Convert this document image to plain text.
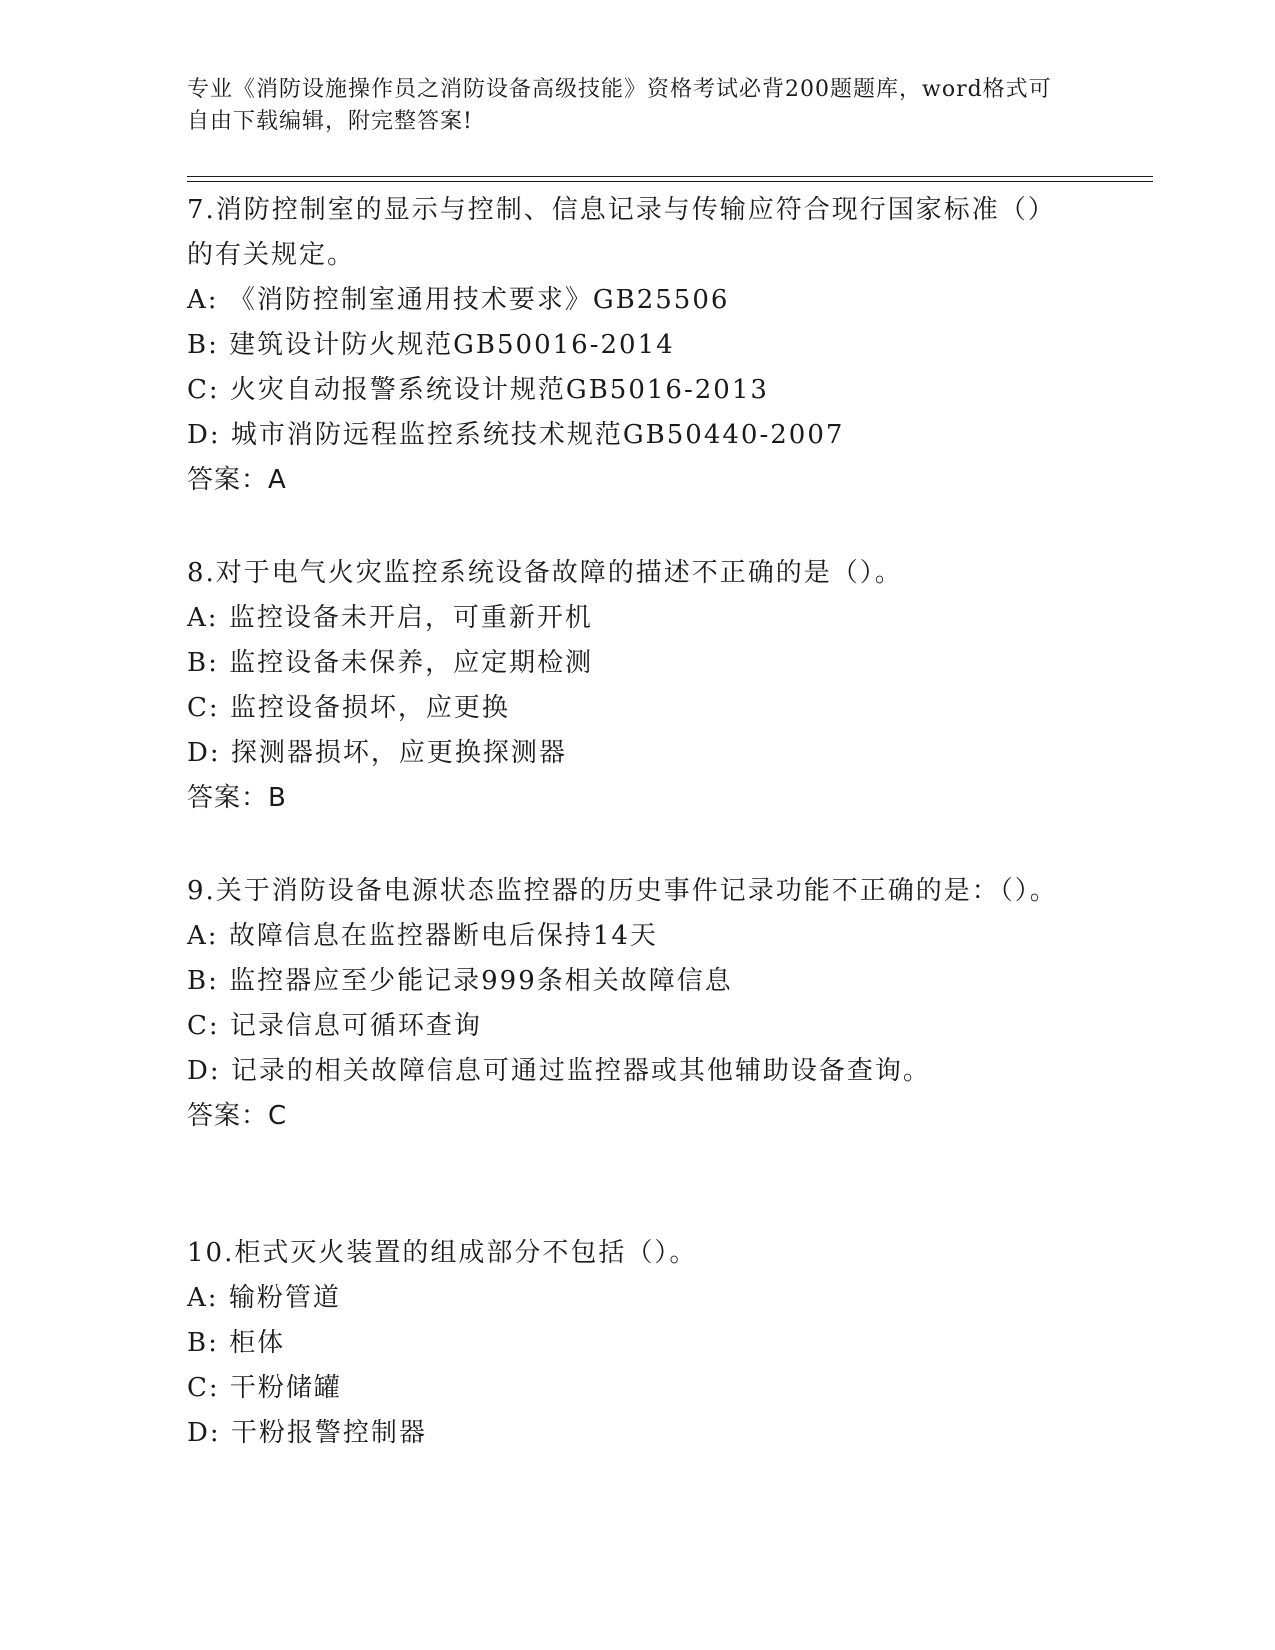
专业《消防设施操作员之消防设备高级技能》资格考试必背200题题库，word格式可自由下载编辑，附完整答案!

7.消防控制室的显示与控制、信息记录与传输应符合现行国家标准（）的有关规定。

A: 《消防控制室通用技术要求》GB25506

B: 建筑设计防火规范GB50016-2014

C: 火灾自动报警系统设计规范GB5016-2013

D: 城市消防远程监控系统技术规范GB50440-2007

答案：A

8.对于电气火灾监控系统设备故障的描述不正确的是（）。

A: 监控设备未开启，可重新开机

B: 监控设备未保养，应定期检测

C: 监控设备损坏，应更换

D: 探测器损坏，应更换探测器

答案：B

9.关于消防设备电源状态监控器的历史事件记录功能不正确的是：（）。

A: 故障信息在监控器断电后保持14天

B: 监控器应至少能记录999条相关故障信息

C: 记录信息可循环查询

D: 记录的相关故障信息可通过监控器或其他辅助设备查询。

答案：C

10.柜式灭火装置的组成部分不包括（）。

A: 输粉管道

B: 柜体

C: 干粉储罐

D: 干粉报警控制器
